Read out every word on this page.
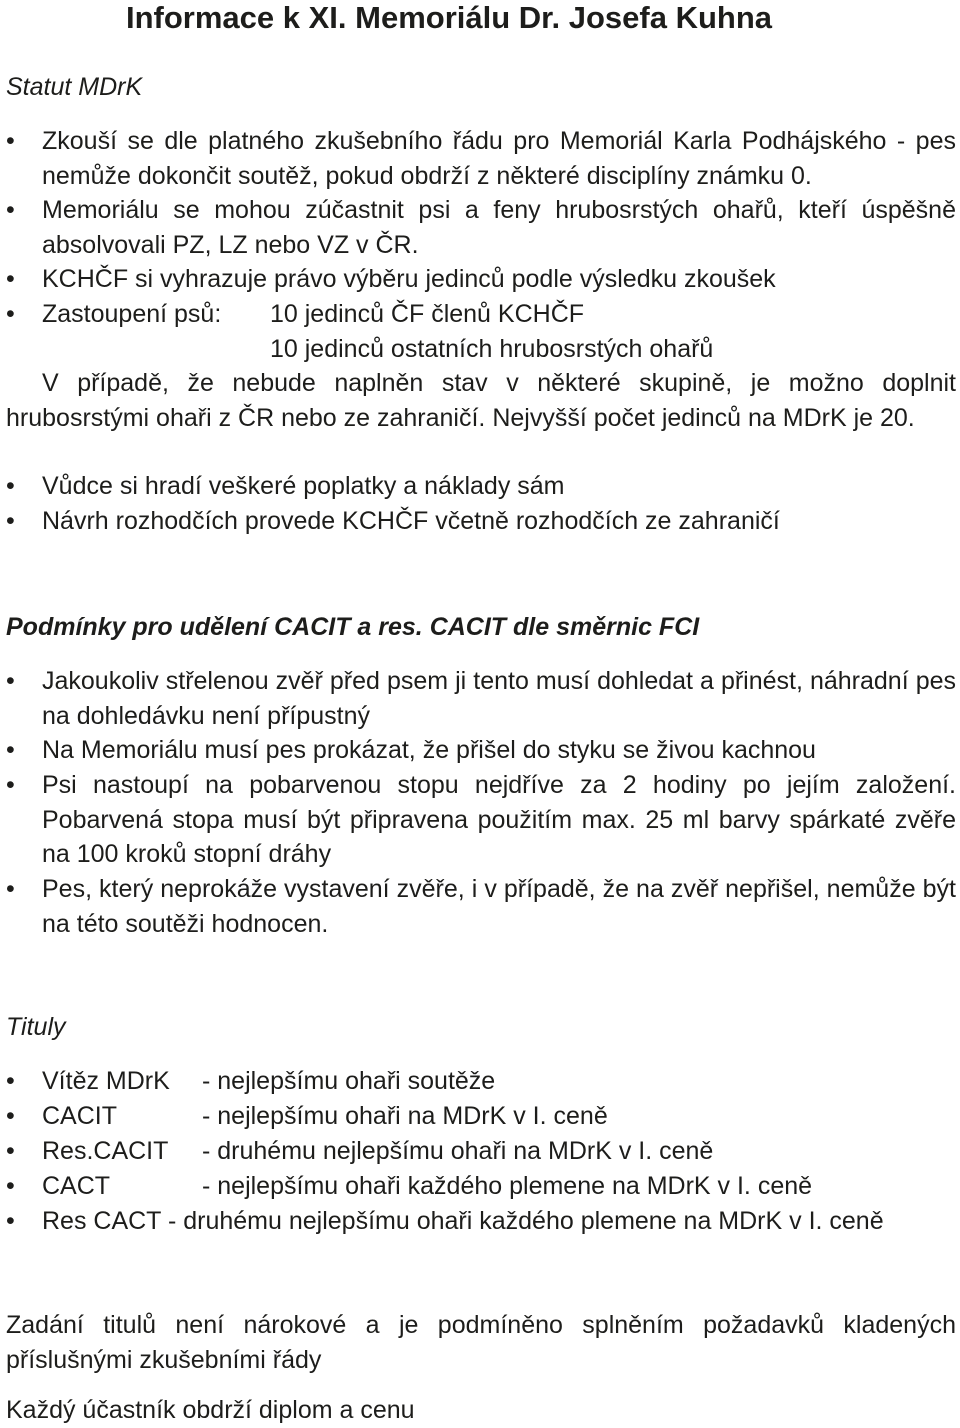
Informace k XI. Memoriálu Dr. Josefa Kuhna
Statut MDrK
• Zkouší se dle platného zkušebního řádu pro Memoriál Karla Podhájského - pes nemůže dokončit soutěž, pokud obdrží z některé disciplíny známku 0.
• Memoriálu se mohou zúčastnit psi a feny hrubosrstých ohařů, kteří úspěšně absolvovali PZ, LZ nebo VZ v ČR.
• KCHČF si vyhrazuje právo výběru jedinců podle výsledku zkoušek
• Zastoupení psů:	10 jedinců ČF členů KCHČF
10 jedinců ostatních hrubosrstých ohařů
V případě, že nebude naplněn stav v některé skupině, je možno doplnit hrubosrstými ohaři z ČR nebo ze zahraničí. Nejvyšší počet jedinců na MDrK je 20.
• Vůdce si hradí veškeré poplatky a náklady sám
• Návrh rozhodčích provede KCHČF včetně rozhodčích ze zahraničí
Podmínky pro udělení CACIT a res. CACIT dle směrnic FCI
• Jakoukoliv střelenou zvěř před psem ji tento musí dohledat a přinést, náhradní pes na dohledávku není přípustný
• Na Memoriálu musí pes prokázat, že přišel do styku se živou kachnou
• Psi nastoupí na pobarvenou stopu nejdříve za 2 hodiny po jejím založení. Pobarvená stopa musí být připravena použitím max. 25 ml barvy spárkaté zvěře na 100 kroků stopní dráhy
• Pes, který neprokáže vystavení zvěře, i v případě, že na zvěř nepřišel, nemůže být na této soutěži hodnocen.
Tituly
• Vítěz MDrK	- nejlepšímu ohaři soutěže
• CACIT	- nejlepšímu ohaři na MDrK v I. ceně
• Res.CACIT	- druhému nejlepšímu ohaři na MDrK v I. ceně
• CACT	- nejlepšímu ohaři každého plemene na MDrK v I. ceně
• Res CACT - druhému nejlepšímu ohaři každého plemene na MDrK v I. ceně
Zadání titulů není nárokové a je podmíněno splněním požadavků kladených příslušnými zkušebními řády
Každý účastník obdrží diplom a cenu
